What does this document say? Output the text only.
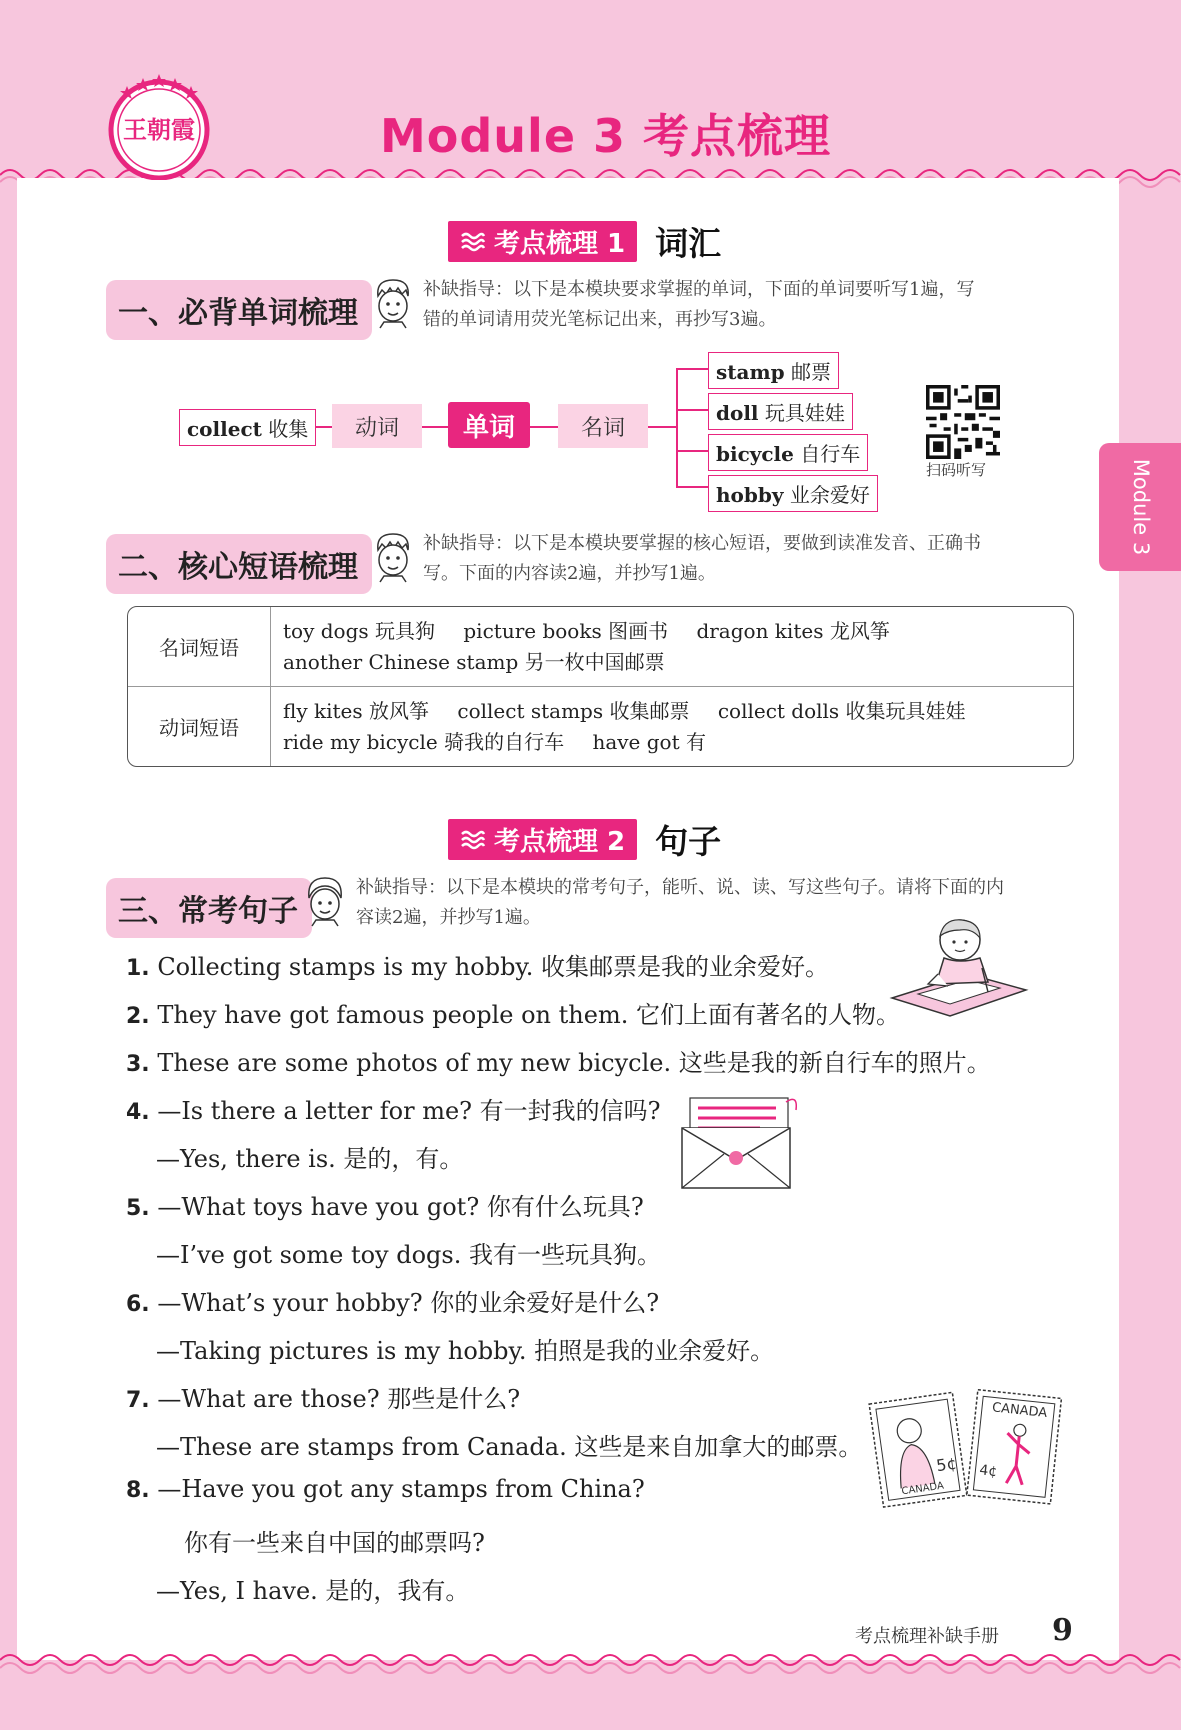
Module 3
王朝霞	Module 3 考点梳理
考点梳理 1 词汇
一、必背单词梳理
补缺指导：以下是本模块要求掌握的单词，下面的单词要听写1遍，写
错的单词请用荧光笔标记出来，再抄写3遍。
collect 收集	动词	单词	名词
stamp 邮票
doll 玩具娃娃
bicycle 自行车
hobby 业余爱好
扫码听写
二、核心短语梳理
补缺指导：以下是本模块要掌握的核心短语，要做到读准发音、正确书
写。下面的内容读2遍，并抄写1遍。
名词短语	toy dogs 玩具狗 picture books 图画书 dragon kites 龙风筝
another Chinese stamp 另一枚中国邮票

动词短语	fly kites 放风筝 collect stamps 收集邮票 collect dolls 收集玩具娃娃
ride my bicycle 骑我的自行车 have got 有
考点梳理 2 句子
三、常考句子
补缺指导：以下是本模块的常考句子，能听、说、读、写这些句子。请将下面的内
容读2遍，并抄写1遍。
1. Collecting stamps is my hobby. 收集邮票是我的业余爱好。
2. They have got famous people on them. 它们上面有著名的人物。
3. These are some photos of my new bicycle. 这些是我的新自行车的照片。
4. —Is there a letter for me? 有一封我的信吗?
—Yes, there is. 是的，有。
5. —What toys have you got? 你有什么玩具?
—I’ve got some toy dogs. 我有一些玩具狗。
6. —What’s your hobby? 你的业余爱好是什么?
—Taking pictures is my hobby. 拍照是我的业余爱好。
7. —What are those? 那些是什么?
—These are stamps from Canada. 这些是来自加拿大的邮票。
8. —Have you got any stamps from China?
你有一些来自中国的邮票吗?
—Yes, I have. 是的，我有。
5¢
CANADA
CANADA
4¢
考点梳理补缺手册 9
